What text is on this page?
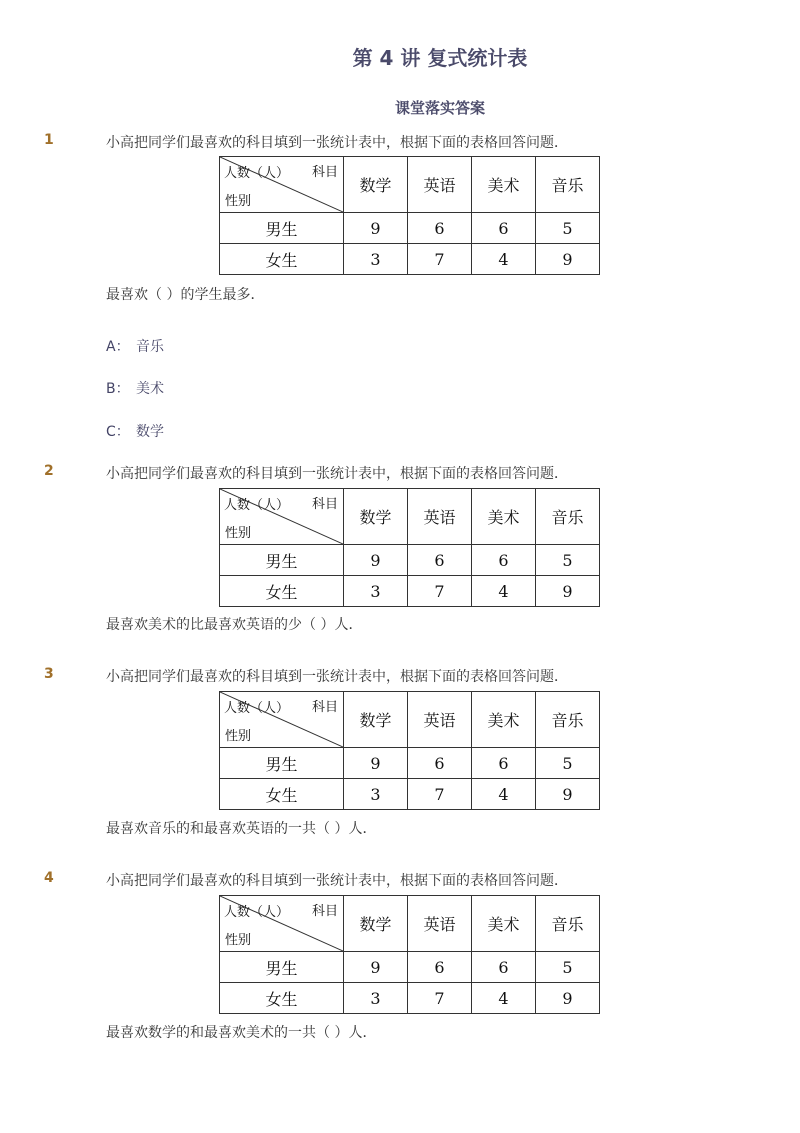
第 4 讲 复式统计表
课堂落实答案
1	小高把同学们最喜欢的科目填到一张统计表中，根据下面的表格回答问题．
人数（人） 科目
性别	数学	英语	美术	音乐
男生	9	6	6	5
女生	3	7	4	9
最喜欢（ ）的学生最多．
A： 音乐
B： 美术
C： 数学
2	小高把同学们最喜欢的科目填到一张统计表中，根据下面的表格回答问题．
人数（人） 科目
性别	数学	英语	美术	音乐
男生	9	6	6	5
女生	3	7	4	9
最喜欢美术的比最喜欢英语的少（ ）人．
3	小高把同学们最喜欢的科目填到一张统计表中，根据下面的表格回答问题．
人数（人） 科目
性别	数学	英语	美术	音乐
男生	9	6	6	5
女生	3	7	4	9
最喜欢音乐的和最喜欢英语的一共（ ）人．
4	小高把同学们最喜欢的科目填到一张统计表中，根据下面的表格回答问题．
人数（人） 科目
性别	数学	英语	美术	音乐
男生	9	6	6	5
女生	3	7	4	9
最喜欢数学的和最喜欢美术的一共（ ）人．
